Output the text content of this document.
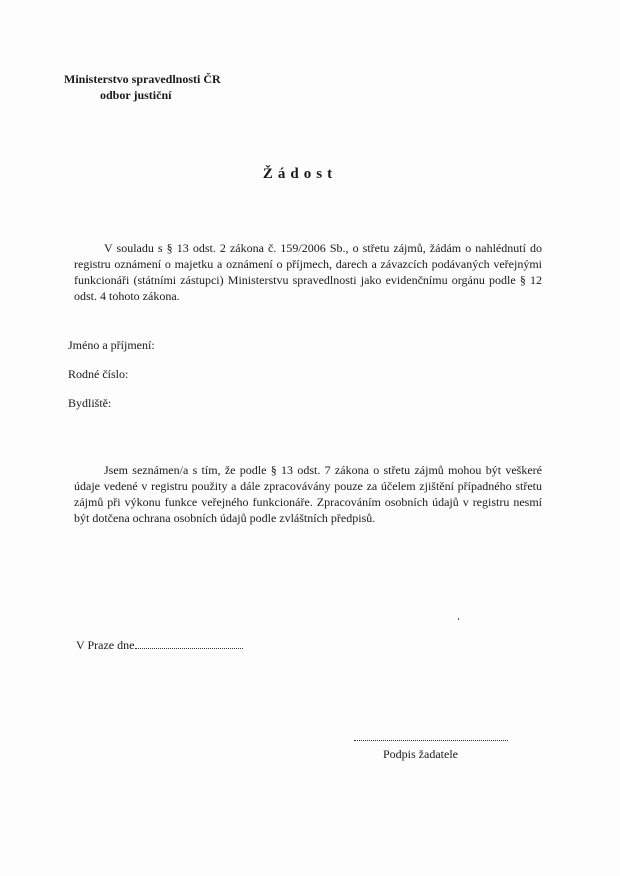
Ministerstvo spravedlnosti ČR
odbor justiční
Žádost
V souladu s § 13 odst. 2 zákona č. 159/2006 Sb., o střetu zájmů, žádám o nahlédnutí do registru oznámení o majetku a oznámení o příjmech, darech a závazcích podávaných veřejnými funkcionáři (státními zástupci) Ministerstvu spravedlnosti jako evidenčnímu orgánu podle § 12 odst. 4 tohoto zákona.
Jméno a příjmení:
Rodné číslo:
Bydliště:
Jsem seznámen/a s tím, že podle § 13 odst. 7 zákona o střetu zájmů mohou být veškeré údaje vedené v registru použity a dále zpracovávány pouze za účelem zjištění případného střetu zájmů při výkonu funkce veřejného funkcionáře. Zpracováním osobních údajů v registru nesmí být dotčena ochrana osobních údajů podle zvláštních předpisů.
V Praze dne
Podpis žadatele
